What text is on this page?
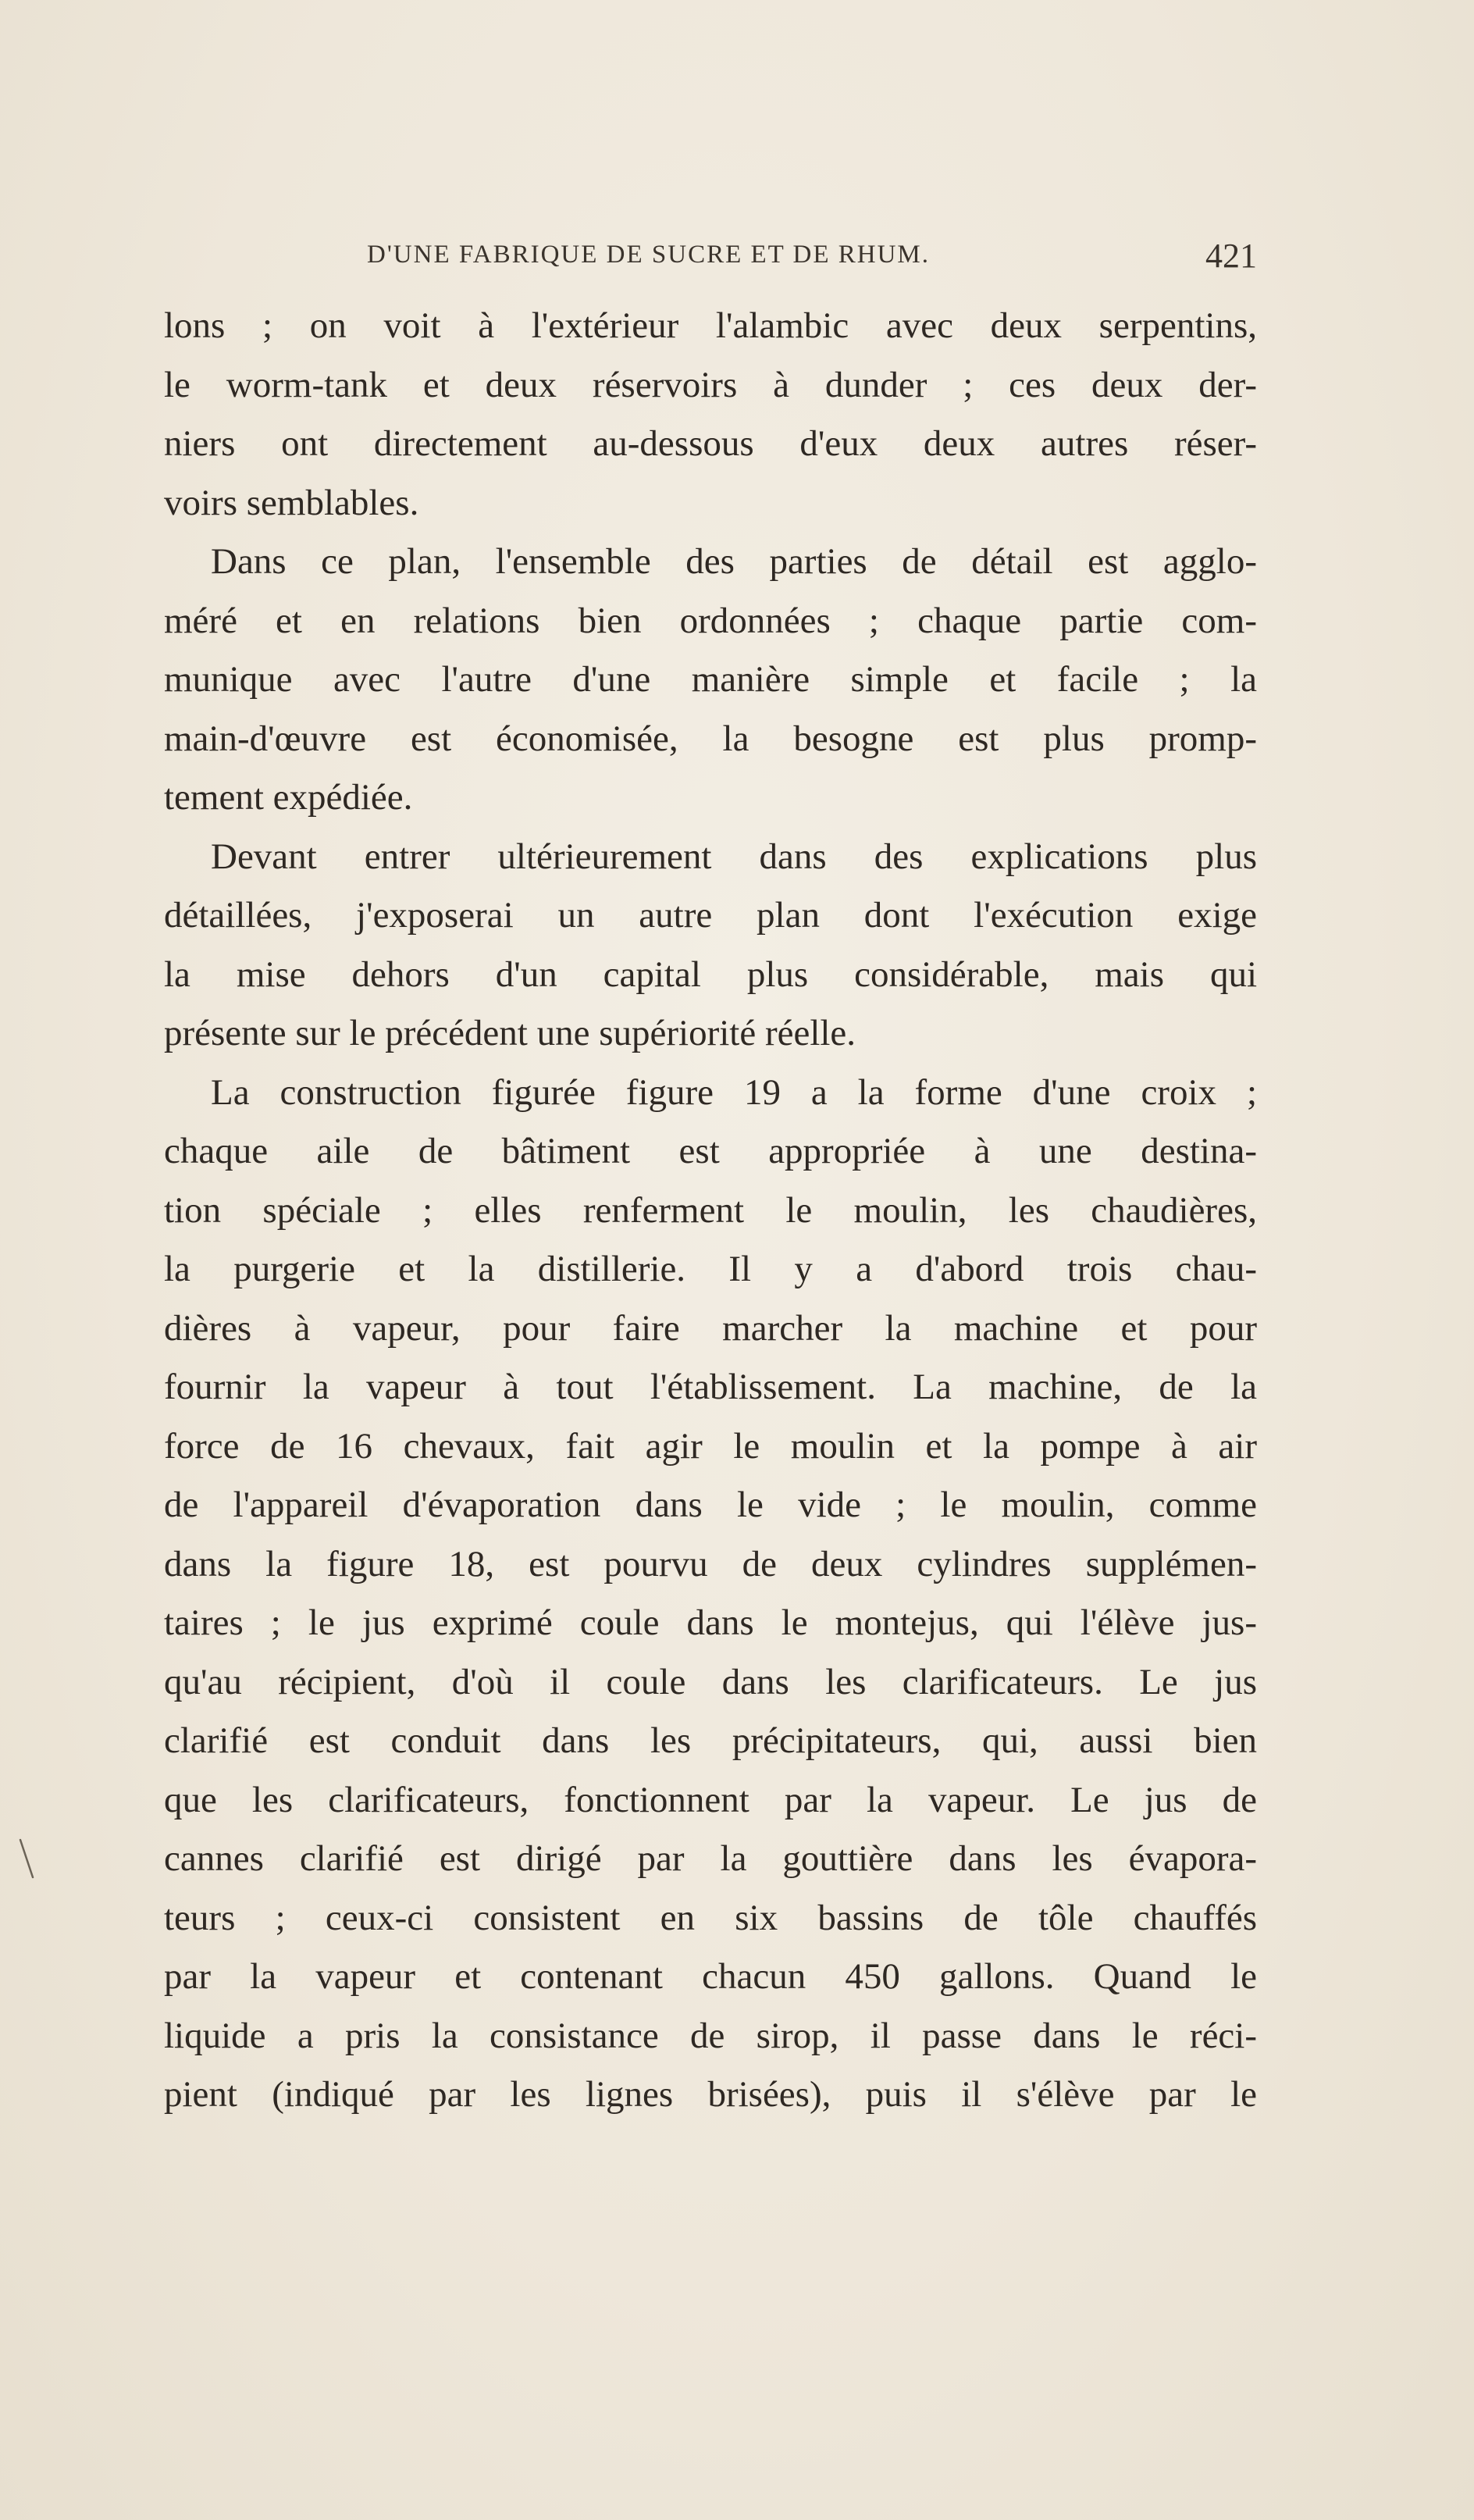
D'UNE FABRIQUE DE SUCRE ET DE RHUM.	421
lons ; on voit à l'extérieur l'alambic avec deux serpentins,
le worm-tank et deux réservoirs à dunder ; ces deux der-
niers ont directement au-dessous d'eux deux autres réser-
voirs semblables.
Dans ce plan, l'ensemble des parties de détail est agglo-
méré et en relations bien ordonnées ; chaque partie com-
munique avec l'autre d'une manière simple et facile ; la
main-d'œuvre est économisée, la besogne est plus promp-
tement expédiée.
Devant entrer ultérieurement dans des explications plus
détaillées, j'exposerai un autre plan dont l'exécution exige
la mise dehors d'un capital plus considérable, mais qui
présente sur le précédent une supériorité réelle.
La construction figurée figure 19 a la forme d'une croix ;
chaque aile de bâtiment est appropriée à une destina-
tion spéciale ; elles renferment le moulin, les chaudières,
la purgerie et la distillerie. Il y a d'abord trois chau-
dières à vapeur, pour faire marcher la machine et pour
fournir la vapeur à tout l'établissement. La machine, de la
force de 16 chevaux, fait agir le moulin et la pompe à air
de l'appareil d'évaporation dans le vide ; le moulin, comme
dans la figure 18, est pourvu de deux cylindres supplémen-
taires ; le jus exprimé coule dans le montejus, qui l'élève jus-
qu'au récipient, d'où il coule dans les clarificateurs. Le jus
clarifié est conduit dans les précipitateurs, qui, aussi bien
que les clarificateurs, fonctionnent par la vapeur. Le jus de
cannes clarifié est dirigé par la gouttière dans les évapora-
teurs ; ceux-ci consistent en six bassins de tôle chauffés
par la vapeur et contenant chacun 450 gallons. Quand le
liquide a pris la consistance de sirop, il passe dans le réci-
pient (indiqué par les lignes brisées), puis il s'élève par le
